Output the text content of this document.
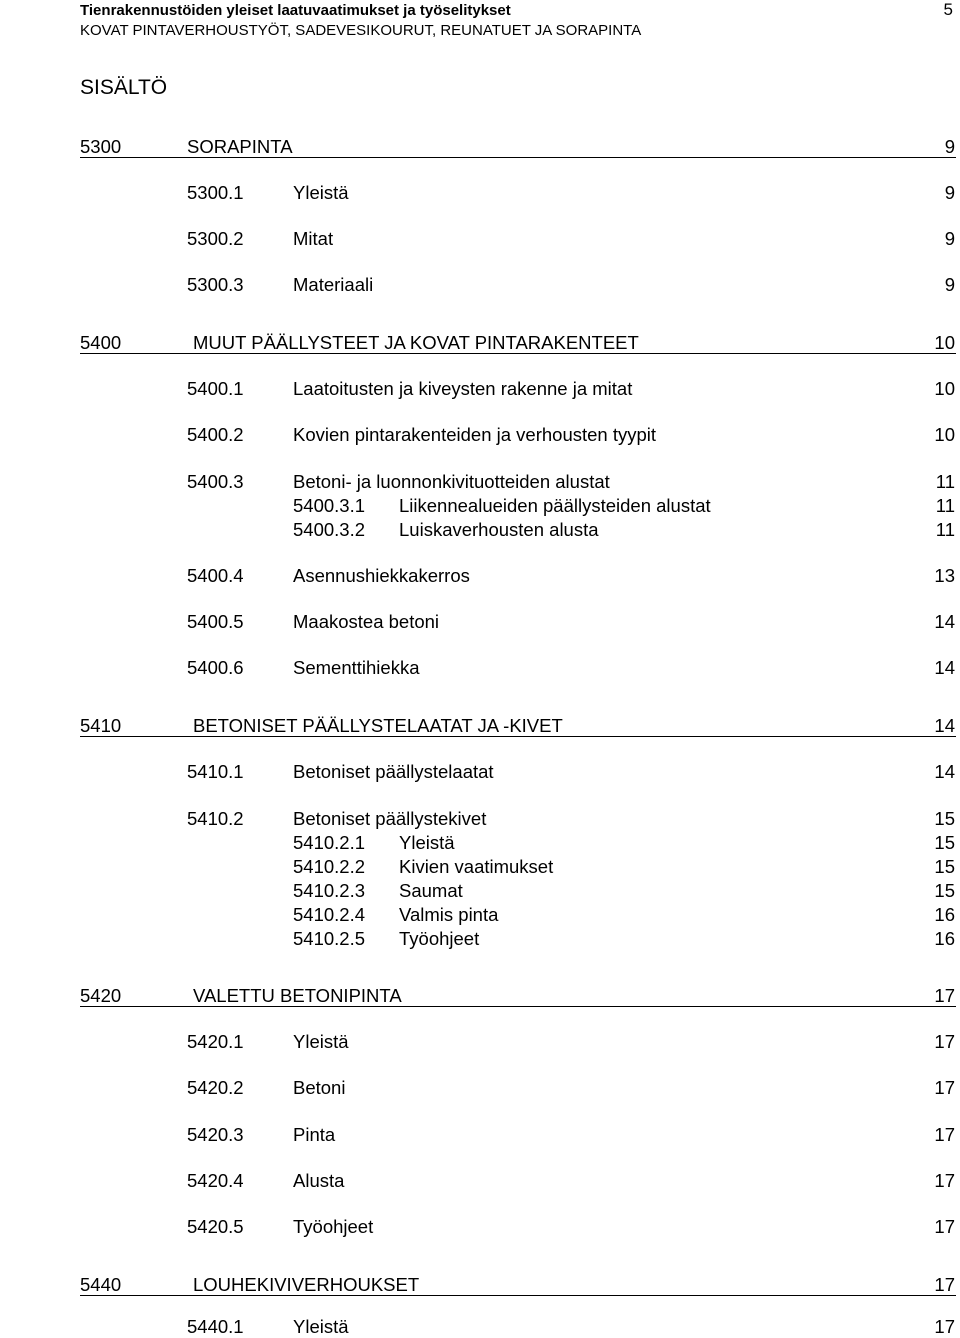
Tienrakennustöiden yleiset laatuvaatimukset ja työselitykset
KOVAT PINTAVERHOUSTYÖT, SADEVESIKOURUT, REUNATUET JA SORAPINTA
5
SISÄLTÖ
5300	SORAPINTA	9
5300.1	Yleistä	9
5300.2	Mitat	9
5300.3	Materiaali	9
5400	MUUT PÄÄLLYSTEET JA KOVAT PINTARAKENTEET	10
5400.1	Laatoitusten ja kiveysten rakenne ja mitat	10
5400.2	Kovien pintarakenteiden ja verhousten tyypit	10
5400.3	Betoni- ja luonnonkivituotteiden alustat	11
5400.3.1 Liikennealueiden päällysteiden alustat	11
5400.3.2 Luiskaverhousten alusta	11
5400.4	Asennushiekkakerros	13
5400.5	Maakostea betoni	14
5400.6	Sementtihiekka	14
5410	BETONISET PÄÄLLYSTELAATAT JA -KIVET	14
5410.1	Betoniset päällystelaatat	14
5410.2	Betoniset päällystekivet	15
5410.2.1 Yleistä	15
5410.2.2 Kivien vaatimukset	15
5410.2.3 Saumat	15
5410.2.4 Valmis pinta	16
5410.2.5 Työohjeet	16
5420	VALETTU BETONIPINTA	17
5420.1	Yleistä	17
5420.2	Betoni	17
5420.3	Pinta	17
5420.4	Alusta	17
5420.5	Työohjeet	17
5440	LOUHEKIVIVERHOUKSET	17
5440.1	Yleistä	17
